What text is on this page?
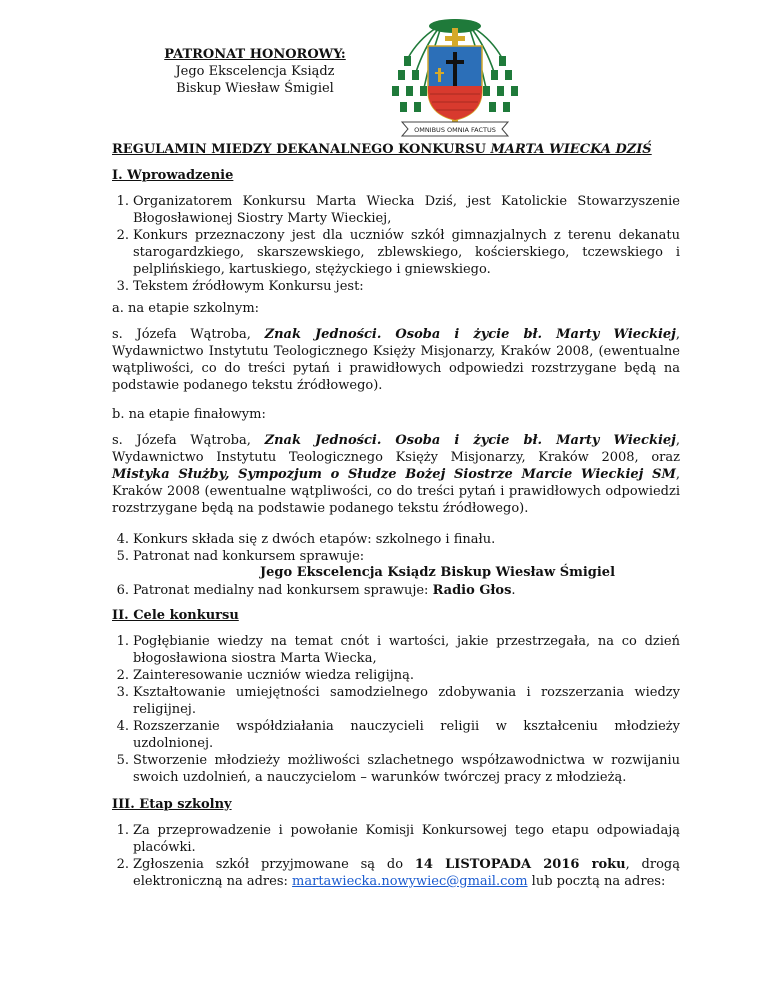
PATRONAT HONOROWY:
Jego Ekscelencja Ksiądz
Biskup Wiesław Śmigiel
OMNIBUS OMNIA FACTUS
REGULAMIN MIEDZY DEKANALNEGO KONKURSU MARTA WIECKA DZIŚ
I. Wprowadzenie
1. Organizatorem Konkursu Marta Wiecka Dziś, jest Katolickie Stowarzyszenie Błogosławionej Siostry Marty Wieckiej,
2. Konkurs przeznaczony jest dla uczniów szkół gimnazjalnych z terenu dekanatu starogardzkiego, skarszewskiego, zblewskiego, kościerskiego, tczewskiego i pelplińskiego, kartuskiego, stężyckiego i gniewskiego.
3. Tekstem źródłowym Konkursu jest:
a. na etapie szkolnym:
s. Józefa Wątroba, Znak Jedności. Osoba i życie bł. Marty Wieckiej, Wydawnictwo Instytutu Teologicznego Księży Misjonarzy, Kraków 2008, (ewentualne wątpliwości, co do treści pytań i prawidłowych odpowiedzi rozstrzygane będą na podstawie podanego tekstu źródłowego).
b. na etapie finałowym:
s. Józefa Wątroba, Znak Jedności. Osoba i życie bł. Marty Wieckiej, Wydawnictwo Instytutu Teologicznego Księży Misjonarzy, Kraków 2008, oraz Mistyka Służby, Sympozjum o Słudze Bożej Siostrze Marcie Wieckiej SM, Kraków 2008 (ewentualne wątpliwości, co do treści pytań i prawidłowych odpowiedzi rozstrzygane będą na podstawie podanego tekstu źródłowego).
4. Konkurs składa się z dwóch etapów: szkolnego i finału.
5. Patronat nad konkursem sprawuje:
Jego Ekscelencja Ksiądz Biskup Wiesław Śmigiel
6. Patronat medialny nad konkursem sprawuje: Radio Głos.
II. Cele konkursu
1. Pogłębianie wiedzy na temat cnót i wartości, jakie przestrzegała, na co dzień błogosławiona siostra Marta Wiecka,
2. Zainteresowanie uczniów wiedza religijną.
3. Kształtowanie umiejętności samodzielnego zdobywania i rozszerzania wiedzy religijnej.
4. Rozszerzanie współdziałania nauczycieli religii w kształceniu młodzieży uzdolnionej.
5. Stworzenie młodzieży możliwości szlachetnego współzawodnictwa w rozwijaniu swoich uzdolnień, a nauczycielom – warunków twórczej pracy z młodzieżą.
III. Etap szkolny
1. Za przeprowadzenie i powołanie Komisji Konkursowej tego etapu odpowiadają placówki.
2. Zgłoszenia szkół przyjmowane są do 14 LISTOPADA 2016 roku, drogą elektroniczną na adres: martawiecka.nowywiec@gmail.com lub pocztą na adres:
